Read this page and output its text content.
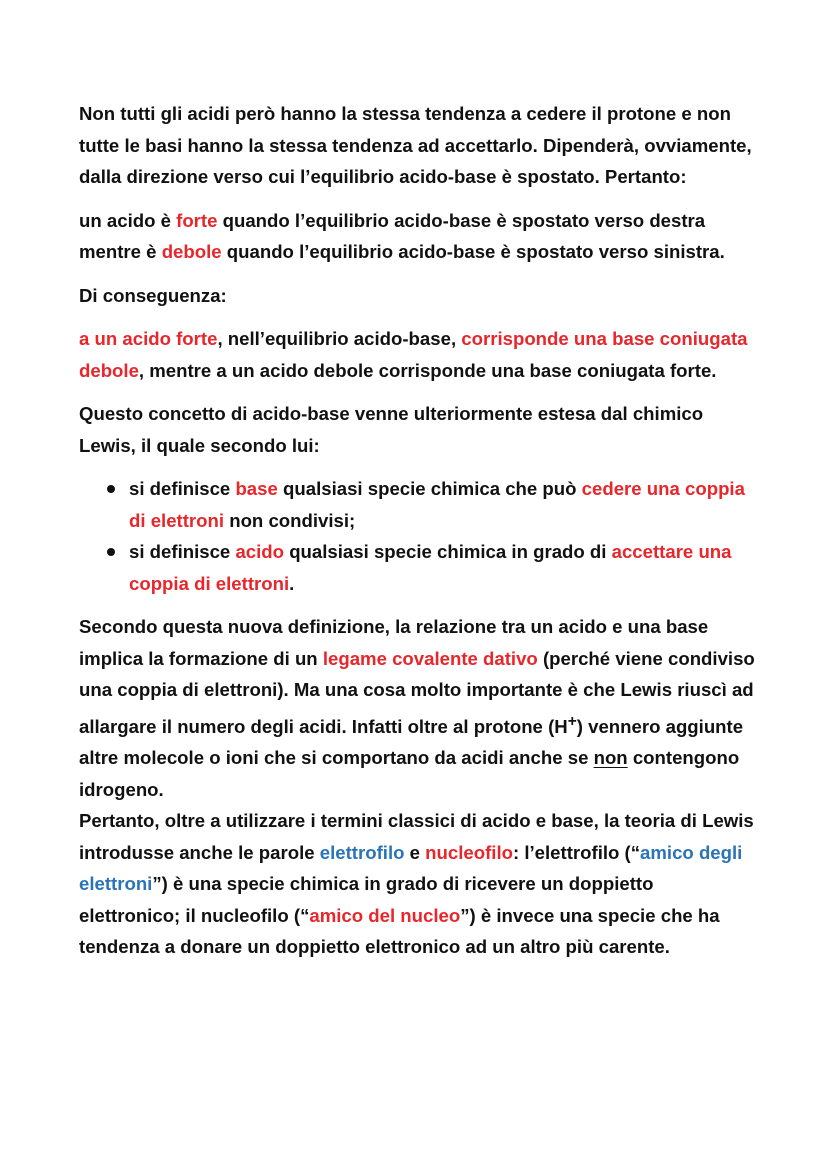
Non tutti gli acidi però hanno la stessa tendenza a cedere il protone e non tutte le basi hanno la stessa tendenza ad accettarlo. Dipenderà, ovviamente, dalla direzione verso cui l’equilibrio acido-base è spostato. Pertanto:

un acido è forte quando l’equilibrio acido-base è spostato verso destra mentre è debole quando l’equilibrio acido-base è spostato verso sinistra.

Di conseguenza:

a un acido forte, nell’equilibrio acido-base, corrisponde una base coniugata debole, mentre a un acido debole corrisponde una base coniugata forte.

Questo concetto di acido-base venne ulteriormente estesa dal chimico Lewis, il quale secondo lui:

si definisce base qualsiasi specie chimica che può cedere una coppia di elettroni non condivisi;
si definisce acido qualsiasi specie chimica in grado di accettare una coppia di elettroni.

Secondo questa nuova definizione, la relazione tra un acido e una base implica la formazione di un legame covalente dativo (perché viene condiviso una coppia di elettroni). Ma una cosa molto importante è che Lewis riuscì ad allargare il numero degli acidi. Infatti oltre al protone (H+) vennero aggiunte altre molecole o ioni che si comportano da acidi anche se non contengono idrogeno.

Pertanto, oltre a utilizzare i termini classici di acido e base, la teoria di Lewis introdusse anche le parole elettrofilo e nucleofilo: l’elettrofilo (“amico degli elettroni”) è una specie chimica in grado di ricevere un doppietto elettronico; il nucleofilo (“amico del nucleo”) è invece una specie che ha tendenza a donare un doppietto elettronico ad un altro più carente.
